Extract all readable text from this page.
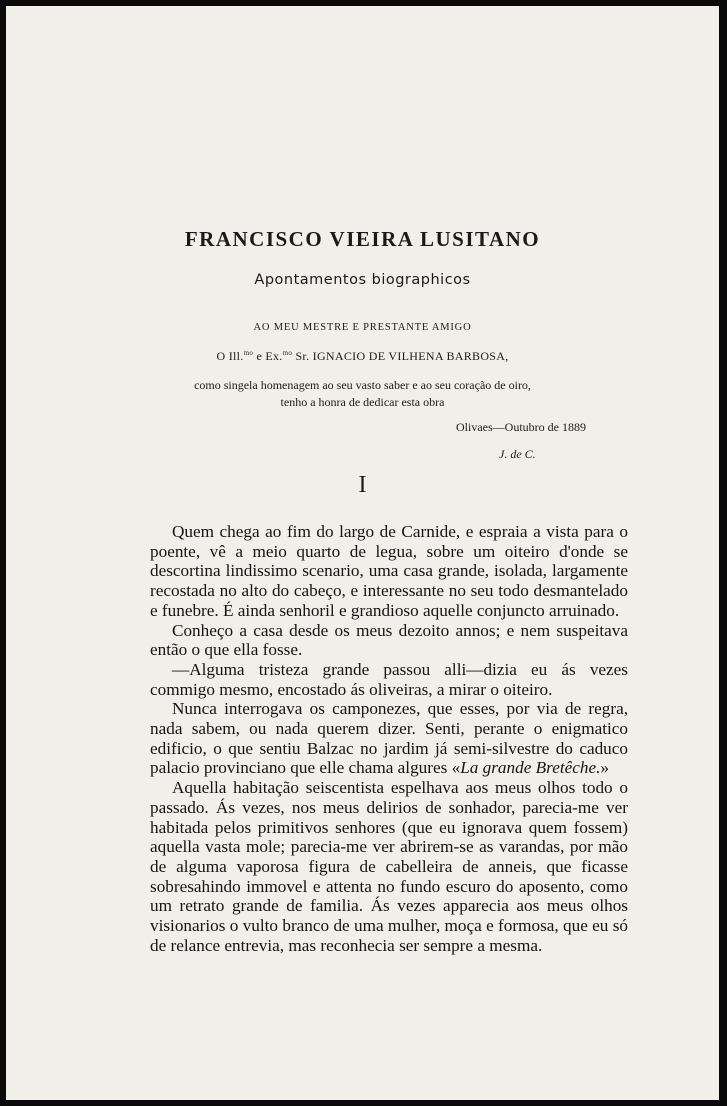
FRANCISCO VIEIRA LUSITANO
Apontamentos biographicos
AO MEU MESTRE E PRESTANTE AMIGO
O Ill.$^{mo}$ e Ex.$^{mo}$ Sr. IGNACIO DE VILHENA BARBOSA,
como singela homenagem ao seu vasto saber e ao seu coração de oiro,
tenho a honra de dedicar esta obra
Olivaes—Outubro de 1889
J. de C.
I

Quem chega ao fim do largo de Carnide, e espraia a vista para o poente, vê a meio quarto de legua, sobre um oiteiro d'onde se descortina lindissimo scenario, uma casa grande, isolada, largamente recostada no alto do cabeço, e interessante no seu todo desmantelado e funebre. É ainda senhoril e grandioso aquelle conjuncto arruinado.

Conheço a casa desde os meus dezoito annos; e nem suspeitava então o que ella fosse.

—Alguma tristeza grande passou alli—dizia eu ás vezes commigo mesmo, encostado ás oliveiras, a mirar o oiteiro.

Nunca interrogava os camponezes, que esses, por via de regra, nada sabem, ou nada querem dizer. Senti, perante o enigmatico edificio, o que sentiu Balzac no jardim já semi-silvestre do caduco palacio provinciano que elle chama algures «La grande Bretêche.»

Aquella habitação seiscentista espelhava aos meus olhos todo o passado. Ás vezes, nos meus delirios de sonhador, parecia-me ver habitada pelos primitivos senhores (que eu ignorava quem fossem) aquella vasta mole; parecia-me ver abrirem-se as varandas, por mão de alguma vaporosa figura de cabelleira de anneis, que ficasse sobresahindo immovel e attenta no fundo escuro do aposento, como um retrato grande de familia. Ás vezes apparecia aos meus olhos visionarios o vulto branco de uma mulher, moça e formosa, que eu só de relance entrevia, mas reconhecia ser sempre a mesma.
